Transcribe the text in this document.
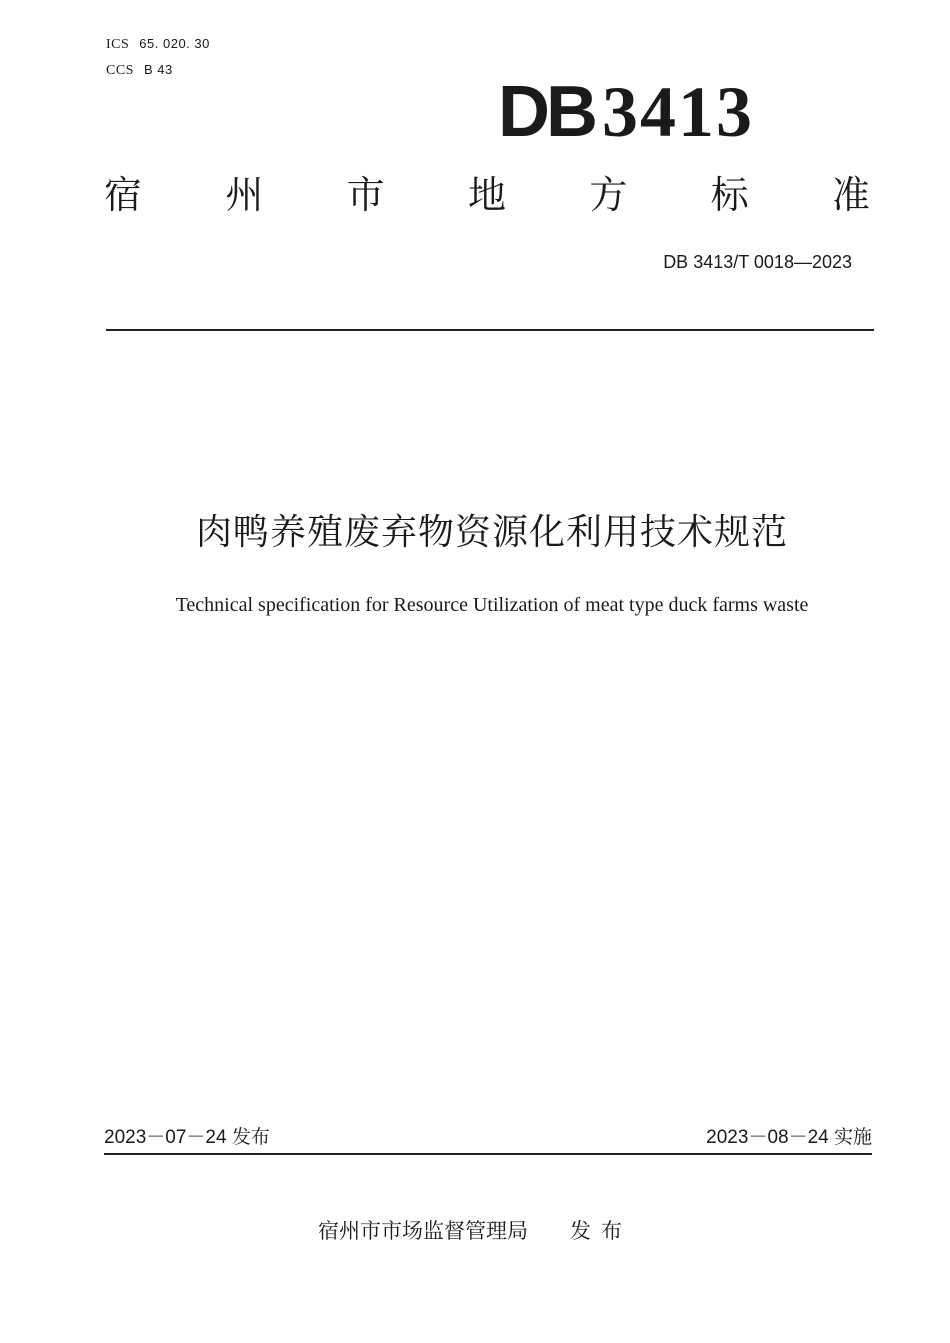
ICS 65. 020. 30
CCS B 43
DB 3413
宿 州 市 地 方 标 准
DB 3413/T 0018—2023
肉鸭养殖废弃物资源化利用技术规范
Technical specification for Resource Utilization of meat type duck farms waste
2023－07－24 发布	2023－08－24 实施
宿州市市场监督管理局 发布
